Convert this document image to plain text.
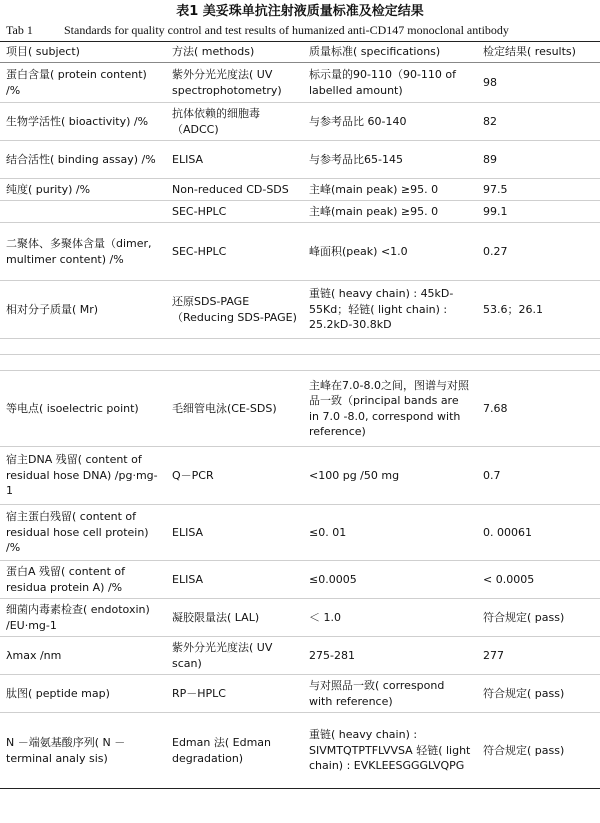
表1 美妥珠单抗注射液质量标准及检定结果
Tab 1	Standards for quality control and test results of humanized anti-CD147 monoclonal antibody
项目( subject)	方法( methods)	质量标准( specifications)	检定结果( results)
蛋白含量( protein content) /%	紫外分光光度法( UV spectrophotometry)	标示量的90-110（90-110 of labelled amount)	98
生物学活性( bioactivity) /%	抗体依赖的细胞毒（ADCC)	与参考品比 60-140	82
结合活性( binding assay) /%	ELISA	与参考品比65-145	89
纯度( purity) /%	Non-reduced CD-SDS	主峰(main peak) ≥95. 0	97.5
	SEC-HPLC	主峰(main peak) ≥95. 0	99.1
二聚体、多聚体含量（dimer, multimer content) /%	SEC-HPLC	峰面积(peak) <1.0	0.27
相对分子质量( Mr)	还原SDS-PAGE（Reducing SDS-PAGE)	重链( heavy chain) : 45kD-55Kd；轻链( light chain) : 25.2kD-30.8kD	53.6；26.1

等电点( isoelectric point)	毛细管电泳(CE-SDS)	主峰在7.0-8.0之间，图谱与对照品一致（principal bands are in 7.0 -8.0, correspond with reference)	7.68
宿主DNA 残留( content of residual hose DNA) /pg·mg-1	Q－PCR	<100 pg /50 mg	0.7
宿主蛋白残留( content of residual hose cell protein) /%	ELISA	≤0. 01	0. 00061
蛋白A 残留( content of residua protein A) /%	ELISA	≤0.0005	< 0.0005
细菌内毒素检查( endotoxin) /EU·mg-1	凝胶限量法( LAL)	＜ 1.0	符合规定( pass)
λmax /nm	紫外分光光度法( UV scan)	275-281	277
肽图( peptide map)	RP－HPLC	与对照品一致( correspond with reference)	符合规定( pass)
N －端氨基酸序列( N －terminal analy sis)	Edman 法( Edman degradation)	重链( heavy chain) : SIVMTQTPTFLVVSA 轻链( light chain) : EVKLEESGGGLVQPG	符合规定( pass)
